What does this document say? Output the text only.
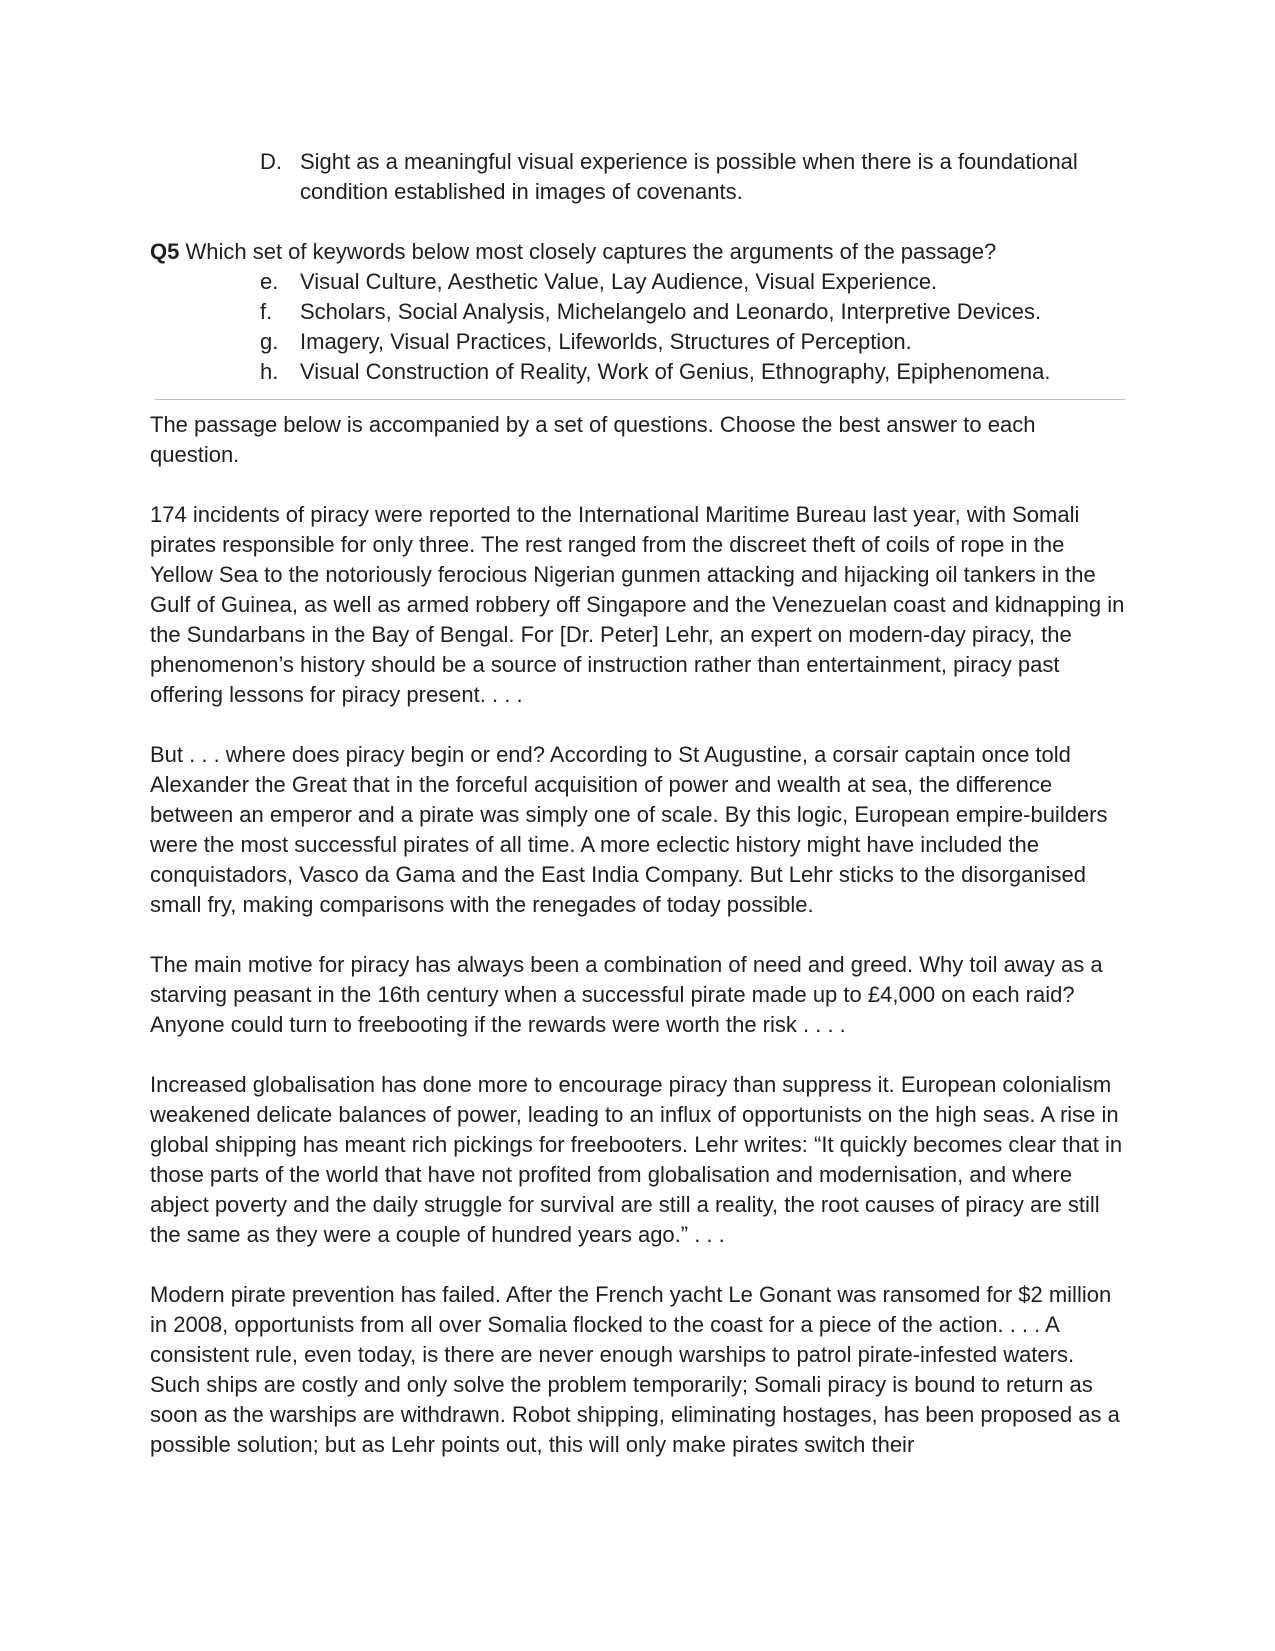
D. Sight as a meaningful visual experience is possible when there is a foundational condition established in images of covenants.

Q5 Which set of keywords below most closely captures the arguments of the passage?

e. Visual Culture, Aesthetic Value, Lay Audience, Visual Experience.
f.	Scholars, Social Analysis, Michelangelo and Leonardo, Interpretive Devices.
g. Imagery, Visual Practices, Lifeworlds, Structures of Perception.
h. Visual Construction of Reality, Work of Genius, Ethnography, Epiphenomena.

The passage below is accompanied by a set of questions. Choose the best answer to each question.

174 incidents of piracy were reported to the International Maritime Bureau last year, with Somali pirates responsible for only three. The rest ranged from the discreet theft of coils of rope in the Yellow Sea to the notoriously ferocious Nigerian gunmen attacking and hijacking oil tankers in the Gulf of Guinea, as well as armed robbery off Singapore and the Venezuelan coast and kidnapping in the Sundarbans in the Bay of Bengal. For [Dr. Peter] Lehr, an expert on modern-day piracy, the phenomenon’s history should be a source of instruction rather than entertainment, piracy past offering lessons for piracy present. . . .

But . . . where does piracy begin or end? According to St Augustine, a corsair captain once told Alexander the Great that in the forceful acquisition of power and wealth at sea, the difference between an emperor and a pirate was simply one of scale. By this logic, European empire-builders were the most successful pirates of all time. A more eclectic history might have included the conquistadors, Vasco da Gama and the East India Company. But Lehr sticks to the disorganised small fry, making comparisons with the renegades of today possible.

The main motive for piracy has always been a combination of need and greed. Why toil away as a starving peasant in the 16th century when a successful pirate made up to £4,000 on each raid? Anyone could turn to freebooting if the rewards were worth the risk . . . .

Increased globalisation has done more to encourage piracy than suppress it. European colonialism weakened delicate balances of power, leading to an influx of opportunists on the high seas. A rise in global shipping has meant rich pickings for freebooters. Lehr writes: “It quickly becomes clear that in those parts of the world that have not profited from globalisation and modernisation, and where abject poverty and the daily struggle for survival are still a reality, the root causes of piracy are still the same as they were a couple of hundred years ago.” . . .

Modern pirate prevention has failed. After the French yacht Le Gonant was ransomed for $2 million in 2008, opportunists from all over Somalia flocked to the coast for a piece of the action. . . . A consistent rule, even today, is there are never enough warships to patrol pirate-infested waters. Such ships are costly and only solve the problem temporarily; Somali piracy is bound to return as soon as the warships are withdrawn. Robot shipping, eliminating hostages, has been proposed as a possible solution; but as Lehr points out, this will only make pirates switch their
